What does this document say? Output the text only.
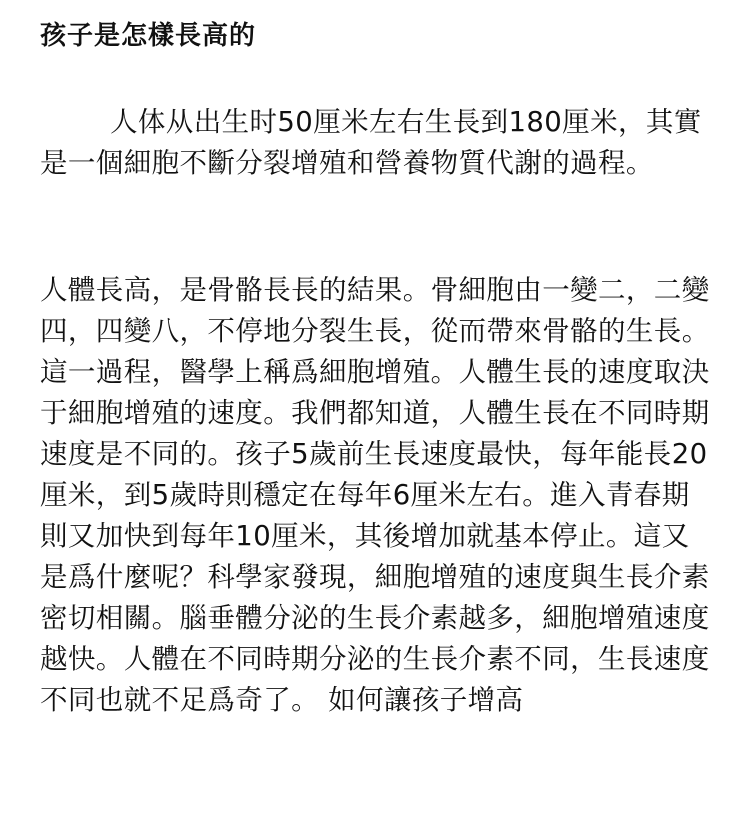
孩子是怎樣長高的

人体从出生时50厘米左右生長到180厘米，其實是一個細胞不斷分裂增殖和營養物質代謝的過程。

人體長高，是骨骼長長的結果。骨細胞由一變二，二變四，四變八，不停地分裂生長，從而帶來骨骼的生長。這一過程，醫學上稱爲細胞增殖。人體生長的速度取決于細胞增殖的速度。我們都知道，人體生長在不同時期速度是不同的。孩子5歲前生長速度最快，每年能長20厘米，到5歲時則穩定在每年6厘米左右。進入青春期則又加快到每年10厘米，其後增加就基本停止。這又是爲什麼呢？科學家發現，細胞增殖的速度與生長介素密切相關。腦垂體分泌的生長介素越多，細胞增殖速度越快。人體在不同時期分泌的生長介素不同，生長速度不同也就不足爲奇了。 如何讓孩子增高
